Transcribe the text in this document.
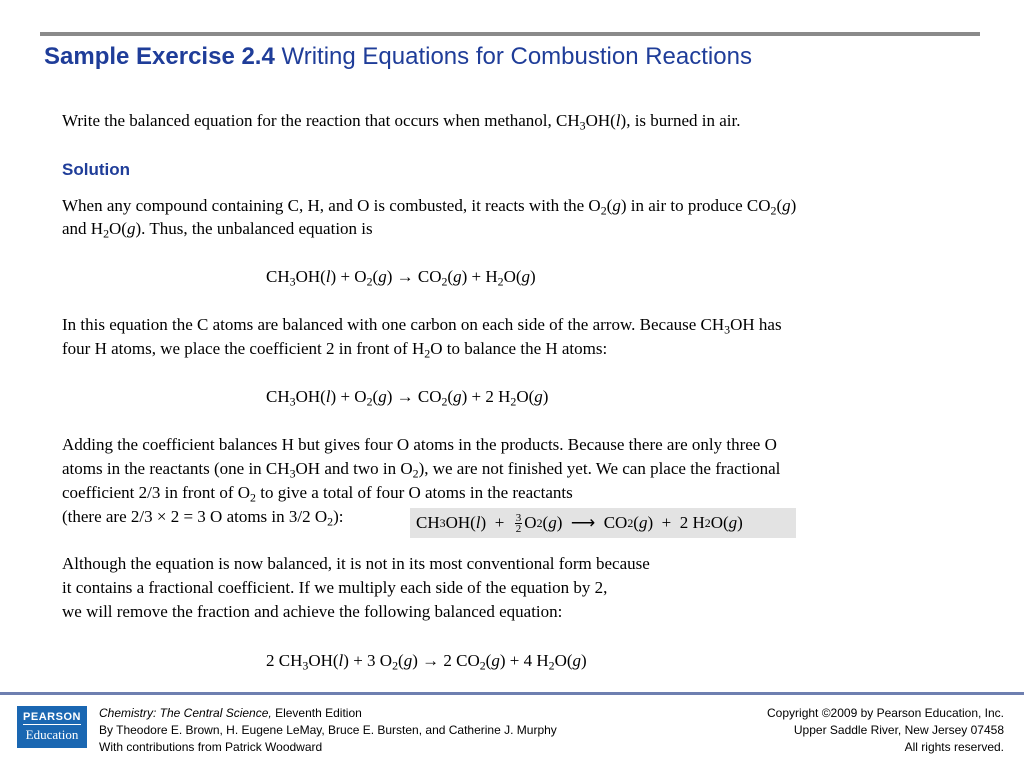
Sample Exercise 2.4 Writing Equations for Combustion Reactions

Write the balanced equation for the reaction that occurs when methanol, $CH_3OH(l)$, is burned in air.

Solution

When any compound containing C, H, and O is combusted, it reacts with the $O_2(g)$ in air to produce $CO_2(g)$

and $H_2O(g)$. Thus, the unbalanced equation is

$CH_3OH(l) + O_2(g) \to CO_2(g) + H_2O(g)$

In this equation the C atoms are balanced with one carbon on each side of the arrow. Because $CH_3OH$ has

four H atoms, we place the coefficient 2 in front of $H_2O$ to balance the H atoms:

$CH_3OH(l) + O_2(g) \to CO_2(g) + 2$ $H_2O(g)$

Adding the coefficient balances H but gives four O atoms in the products. Because there are only three O

atoms in the reactants (one in $CH_3OH$ and two in $O_2$), we are not finished yet. We can place the fractional

coefficient 2/3 in front of $O_2$ to give a total of four O atoms in the reactants

(there are 2/3 × 2 = 3 O atoms in 3/2 $O_2$):	CH 3 OH( l )  + $\frac{3}{2}$ O 2 ( g )  ⟶  CO 2 ( g )  +  2 H 2 O( g )

Although the equation is now balanced, it is not in its most conventional form because

it contains a fractional coefficient. If we multiply each side of the equation by 2,

we will remove the fraction and achieve the following balanced equation:

2 $CH_3OH(l) + 3$ $O_2(g) \to 2$ $CO_2(g) + 4$ $H_2O(g)$

PEARSON
Education
Chemistry: The Central Science, Eleventh Edition
By Theodore E. Brown, H. Eugene LeMay, Bruce E. Bursten, and Catherine J. Murphy
With contributions from Patrick Woodward
Copyright ©2009 by Pearson Education, Inc.
Upper Saddle River, New Jersey 07458
All rights reserved.
